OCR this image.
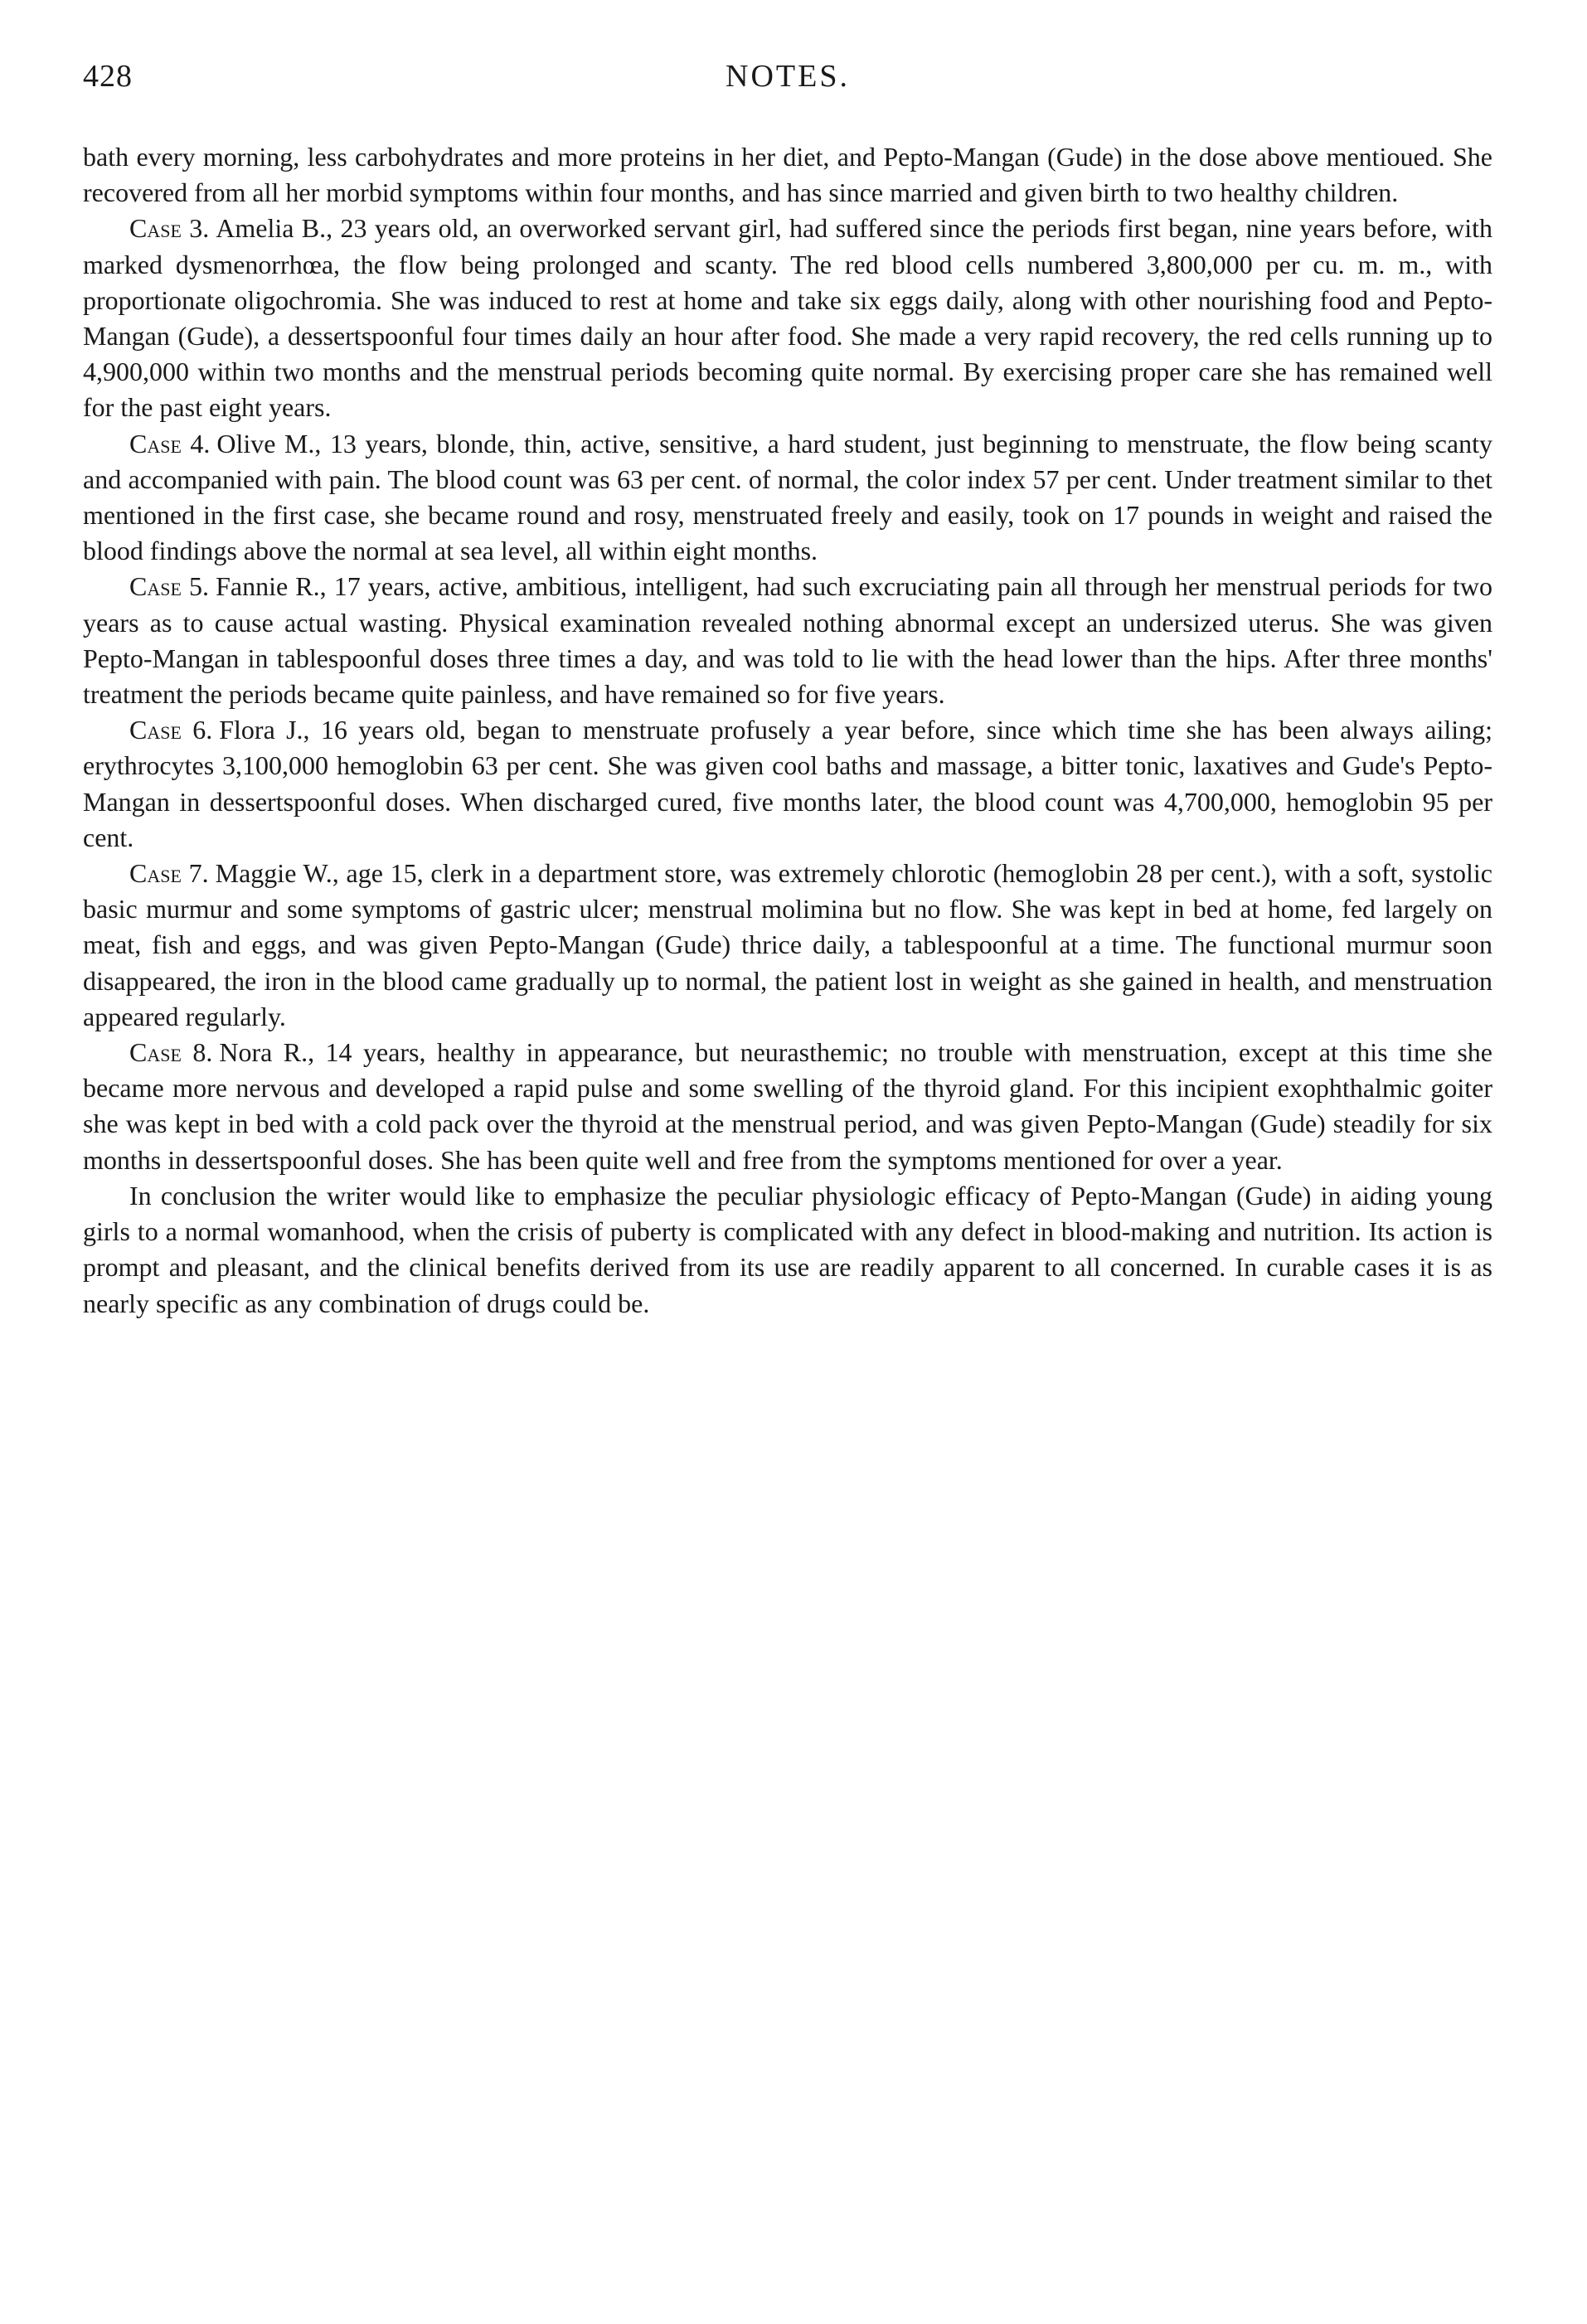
428	NOTES.

bath every morning, less carbohydrates and more proteins in her diet, and Pepto-Mangan (Gude) in the dose above mentioued. She recovered from all her morbid symptoms within four months, and has since married and given birth to two healthy children.

Case 3. Amelia B., 23 years old, an overworked servant girl, had suffered since the periods first began, nine years before, with marked dysmenorrhœa, the flow being prolonged and scanty. The red blood cells numbered 3,800,000 per cu. m. m., with proportionate oligochromia. She was induced to rest at home and take six eggs daily, along with other nourishing food and Pepto-Mangan (Gude), a dessertspoonful four times daily an hour after food. She made a very rapid recovery, the red cells running up to 4,900,000 within two months and the menstrual periods becoming quite normal. By exercising proper care she has remained well for the past eight years.

Case 4. Olive M., 13 years, blonde, thin, active, sensitive, a hard student, just beginning to menstruate, the flow being scanty and accompanied with pain. The blood count was 63 per cent. of normal, the color index 57 per cent. Under treatment similar to thet mentioned in the first case, she became round and rosy, menstruated freely and easily, took on 17 pounds in weight and raised the blood findings above the normal at sea level, all within eight months.

Case 5. Fannie R., 17 years, active, ambitious, intelligent, had such excruciating pain all through her menstrual periods for two years as to cause actual wasting. Physical examination revealed nothing abnormal except an undersized uterus. She was given Pepto-Mangan in tablespoonful doses three times a day, and was told to lie with the head lower than the hips. After three months' treatment the periods became quite painless, and have remained so for five years.

Case 6. Flora J., 16 years old, began to menstruate profusely a year before, since which time she has been always ailing; erythrocytes 3,100,000 hemoglobin 63 per cent. She was given cool baths and massage, a bitter tonic, laxatives and Gude's Pepto-Mangan in dessertspoonful doses. When discharged cured, five months later, the blood count was 4,700,000, hemoglobin 95 per cent.

Case 7. Maggie W., age 15, clerk in a department store, was extremely chlorotic (hemoglobin 28 per cent.), with a soft, systolic basic murmur and some symptoms of gastric ulcer; menstrual molimina but no flow. She was kept in bed at home, fed largely on meat, fish and eggs, and was given Pepto-Mangan (Gude) thrice daily, a tablespoonful at a time. The functional murmur soon disappeared, the iron in the blood came gradually up to normal, the patient lost in weight as she gained in health, and menstruation appeared regularly.

Case 8. Nora R., 14 years, healthy in appearance, but neurasthemic; no trouble with menstruation, except at this time she became more nervous and developed a rapid pulse and some swelling of the thyroid gland. For this incipient exophthalmic goiter she was kept in bed with a cold pack over the thyroid at the menstrual period, and was given Pepto-Mangan (Gude) steadily for six months in dessertspoonful doses. She has been quite well and free from the symptoms mentioned for over a year.

In conclusion the writer would like to emphasize the peculiar physiologic efficacy of Pepto-Mangan (Gude) in aiding young girls to a normal womanhood, when the crisis of puberty is complicated with any defect in blood-making and nutrition. Its action is prompt and pleasant, and the clinical benefits derived from its use are readily apparent to all concerned. In curable cases it is as nearly specific as any combination of drugs could be.
